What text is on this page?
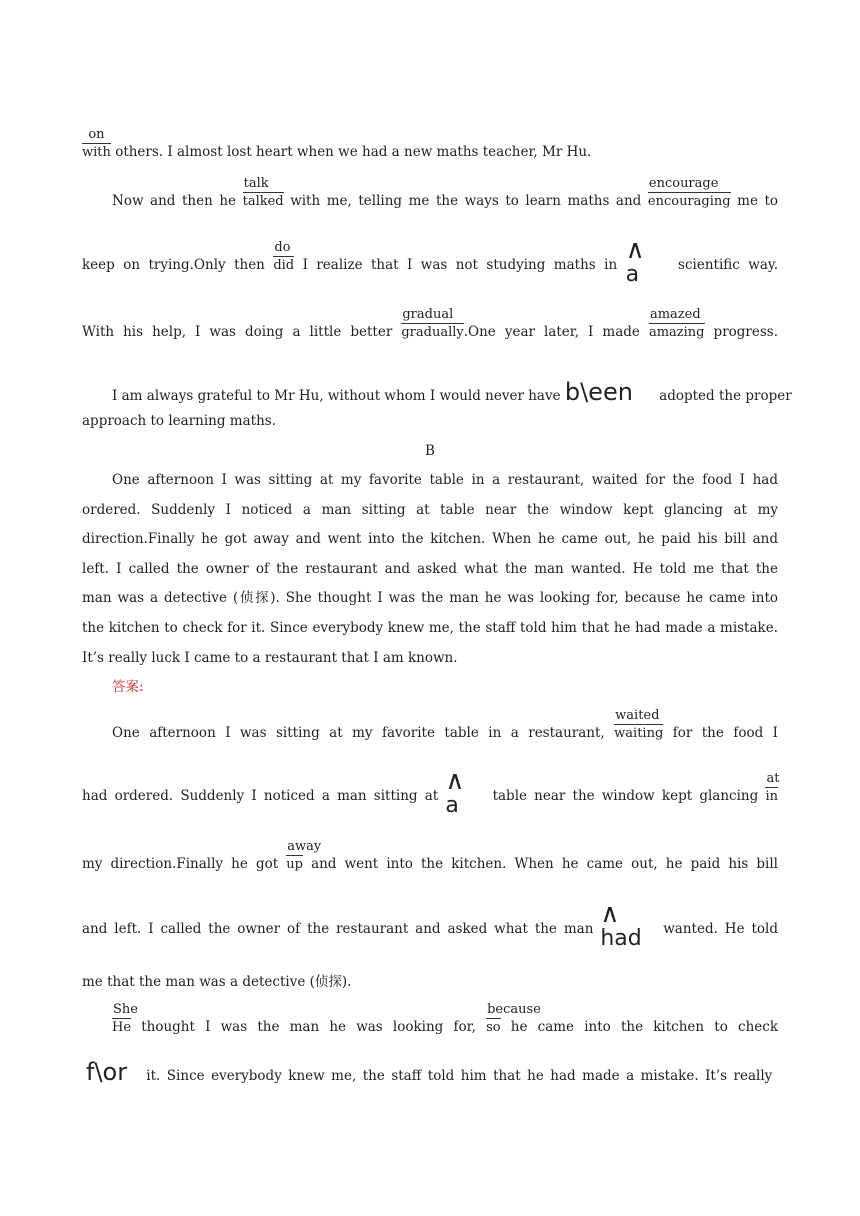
on
with others. I almost lost heart when we had a new maths teacher, Mr Hu.
Now and then he
talk
talked with me, telling me the ways to learn maths and
encourage
encouraging me to
keep on trying.Only then
do
did I realize that I was not studying maths in ∧
a	scientific way.
With his help, I was doing a little better
gradual
gradually .One year later, I made
amazed
amazing progress.
I am always grateful to Mr Hu, without whom I would never have b\een adopted the proper
approach to learning maths.
B
One afternoon I was sitting at my favorite table in a restaurant, waited for the food I had
ordered. Suddenly I noticed a man sitting at table near the window kept glancing at my
direction.Finally he got away and went into the kitchen. When he came out, he paid his bill and
left. I called the owner of the restaurant and asked what the man wanted. He told me that the
man was a detective (侦探). She thought I was the man he was looking for, because he came into
the kitchen to check for it. Since everybody knew me, the staff told him that he had made a mistake.
It’s really luck I came to a restaurant that I am known.
答案:
One afternoon I was sitting at my favorite table in a restaurant,
waited
waiting for the food I
had ordered. Suddenly I noticed a man sitting at ∧
a	table near the window kept glancing $\frac{at}{in}$
my direction.Finally he got
away
up and went into the kitchen. When he came out, he paid his bill
and left. I called the owner of the restaurant and asked what the man ∧
had	wanted. He told
me that the man was a detective (侦探).
She
He thought I was the man he was looking for,
because
so he came into the kitchen to check
f\or it. Since everybody knew me, the staff told him that he had made a mistake. It’s really
